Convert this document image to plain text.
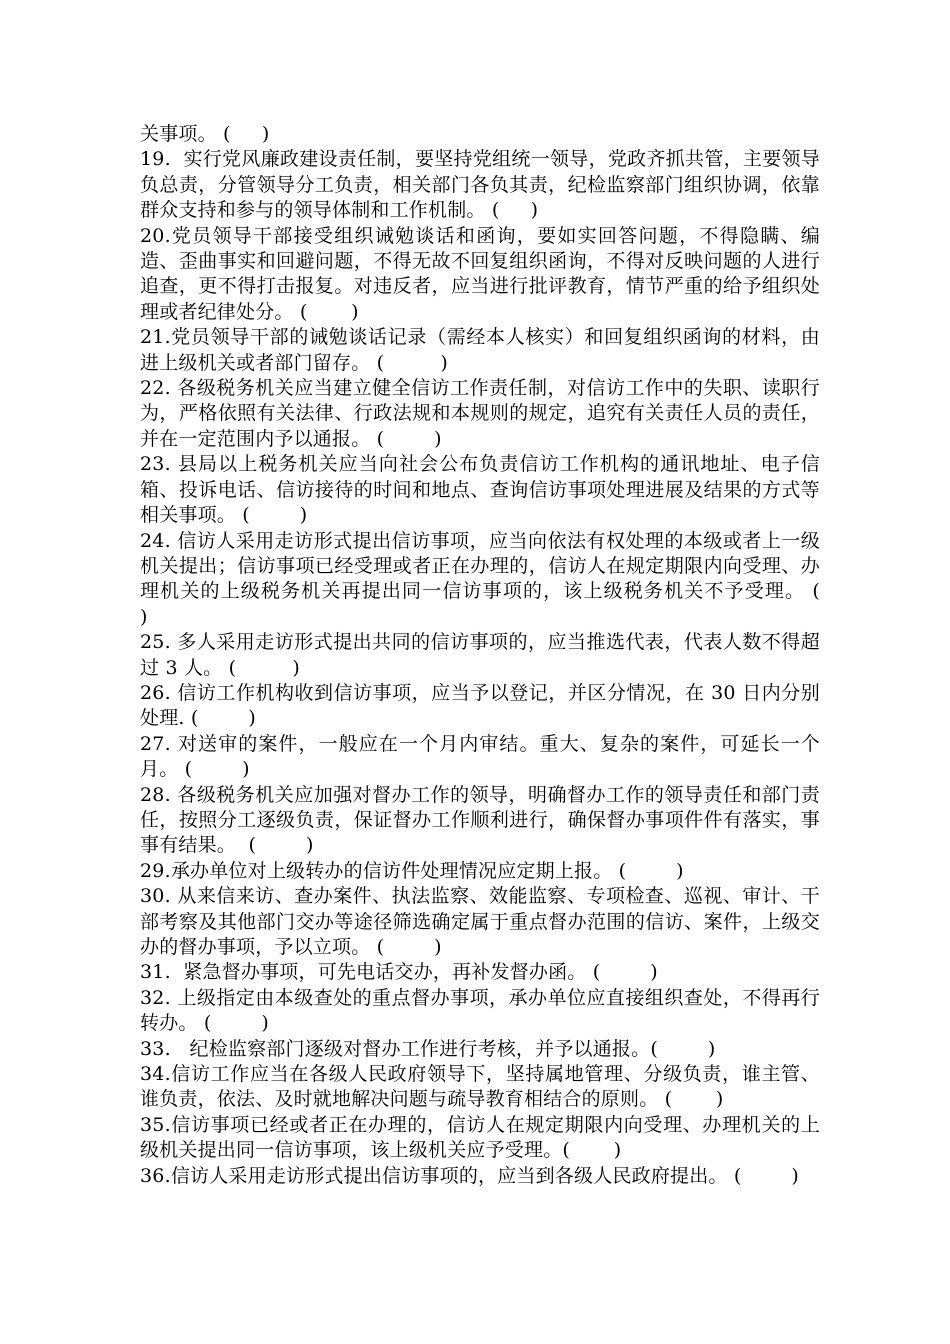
关事项。 (     )

19.  实行党风廉政建设责任制，要坚持党组统一领导，党政齐抓共管，主要领导负总责，分管领导分工负责，相关部门各负其责，纪检监察部门组织协调，依靠群众支持和参与的领导体制和工作机制。 (     )

20.党员领导干部接受组织诫勉谈话和函询，要如实回答问题，不得隐瞒、编造、歪曲事实和回避问题，不得无故不回复组织函询，不得对反映问题的人进行追查，更不得打击报复。对违反者，应当进行批评教育，情节严重的给予组织处理或者纪律处分。 (       )

21.党员领导干部的诫勉谈话记录（需经本人核实）和回复组织函询的材料，由进上级机关或者部门留存。 (         )

22. 各级税务机关应当建立健全信访工作责任制，对信访工作中的失职、读职行为，严格依照有关法律、行政法规和本规则的规定，追究有关责任人员的责任，并在一定范围内予以通报。 (        )

23. 县局以上税务机关应当向社会公布负责信访工作机构的通讯地址、电子信箱、投诉电话、信访接待的时间和地点、查询信访事项处理进展及结果的方式等相关事项。 (        )

24. 信访人采用走访形式提出信访事项，应当向依法有权处理的本级或者上一级机关提出；信访事项已经受理或者正在办理的，信访人在规定期限内向受理、办理机关的上级税务机关再提出同一信访事项的，该上级税务机关不予受理。 (         )

25. 多人采用走访形式提出共同的信访事项的，应当推选代表，代表人数不得超过 3 人。 (         )

26. 信访工作机构收到信访事项，应当予以登记，并区分情况，在 30 日内分别处理. (        )

27. 对送审的案件，一般应在一个月内审结。重大、复杂的案件，可延长一个月。 (        )

28. 各级税务机关应加强对督办工作的领导，明确督办工作的领导责任和部门责任，按照分工逐级负责，保证督办工作顺利进行，确保督办事项件件有落实，事事有结果。  (        )

29.承办单位对上级转办的信访件处理情况应定期上报。 (        )

30. 从来信来访、查办案件、执法监察、效能监察、专项检查、巡视、审计、干部考察及其他部门交办等途径筛选确定属于重点督办范围的信访、案件，上级交办的督办事项，予以立项。 (        )

31.  紧急督办事项，可先电话交办，再补发督办函。 (        )

32. 上级指定由本级查处的重点督办事项，承办单位应直接组织查处，不得再行转办。 (        )

33.   纪检监察部门逐级对督办工作进行考核，并予以通报。(        )

34.信访工作应当在各级人民政府领导下，坚持属地管理、分级负责，谁主管、谁负责，依法、及时就地解决问题与疏导教育相结合的原则。 (       )

35.信访事项已经或者正在办理的，信访人在规定期限内向受理、办理机关的上级机关提出同一信访事项，该上级机关应予受理。(       )

36.信访人采用走访形式提出信访事项的，应当到各级人民政府提出。 (        )
